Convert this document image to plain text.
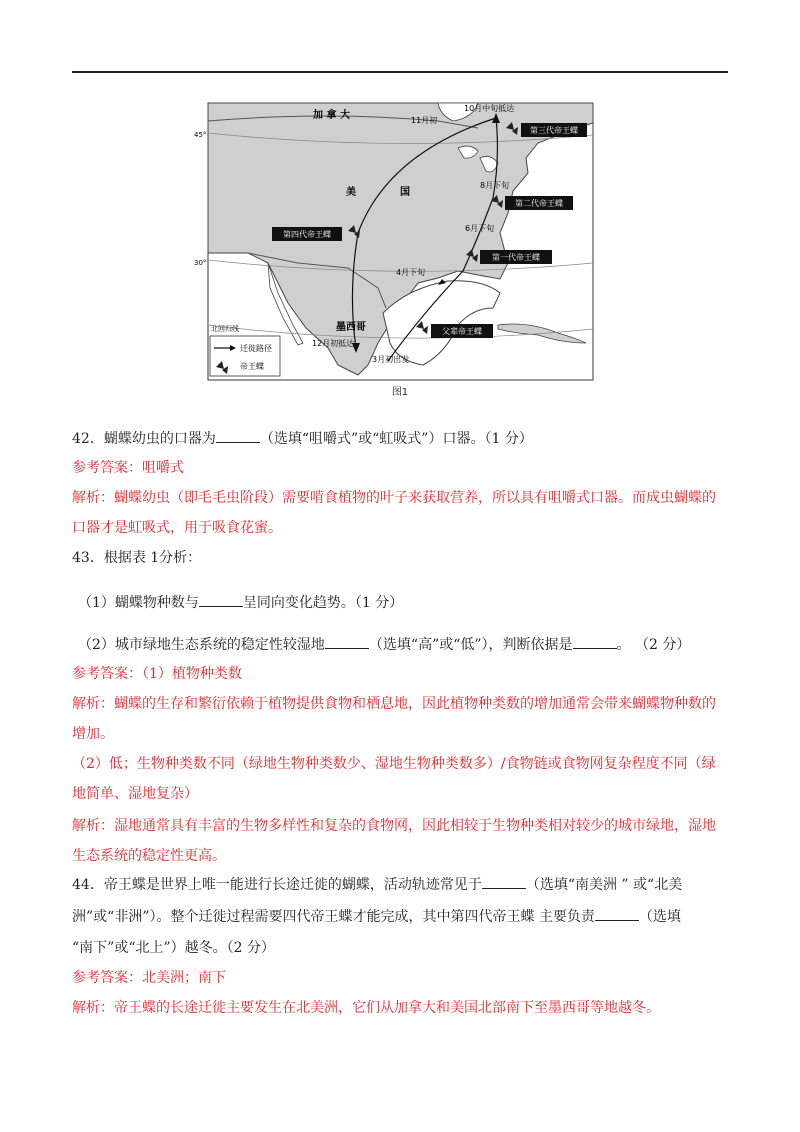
加 拿 大
美	国
墨西哥
45°
30°
北回归线
11月初
10月中旬抵达
8月下旬
6月下旬
4月下旬
12月初抵达
3月初出发
第三代帝王蝶
第二代帝王蝶
第一代帝王蝶
第四代帝王蝶
父辈帝王蝶
迁徙路径
帝王蝶
图1
42．蝴蝶幼虫的口器为	（选填“咀嚼式”或“虹吸式”）口器。（1 分）
参考答案：咀嚼式
解析：蝴蝶幼虫（即毛毛虫阶段）需要啃食植物的叶子来获取营养，所以具有咀嚼式口器。而成虫蝴蝶的
口器才是虹吸式，用于吸食花蜜。
43．根据表 1分析：
（1）蝴蝶物种数与	呈同向变化趋势。（1 分）
（2）城市绿地生态系统的稳定性较湿地	（选填“高”或“低”），判断依据是	。 （2 分）
参考答案：（1）植物种类数
解析：蝴蝶的生存和繁衍依赖于植物提供食物和栖息地，因此植物种类数的增加通常会带来蝴蝶物种数的
增加。
（2）低；生物种类数不同（绿地生物种类数少、湿地生物种类数多）/食物链或食物网复杂程度不同（绿
地简单、湿地复杂）
解析：湿地通常具有丰富的生物多样性和复杂的食物网，因此相较于生物种类相对较少的城市绿地，湿地
生态系统的稳定性更高。
44．帝王蝶是世界上唯一能进行长途迁徙的蝴蝶，活动轨迹常见于	（选填“南美洲 ” 或“北美
洲”或“非洲”）。整个迁徙过程需要四代帝王蝶才能完成，其中第四代帝王蝶 主要负责	（选填
“南下”或“北上”）越冬。（2 分）
参考答案：北美洲；南下
解析：帝王蝶的长途迁徙主要发生在北美洲，它们从加拿大和美国北部南下至墨西哥等地越冬。
